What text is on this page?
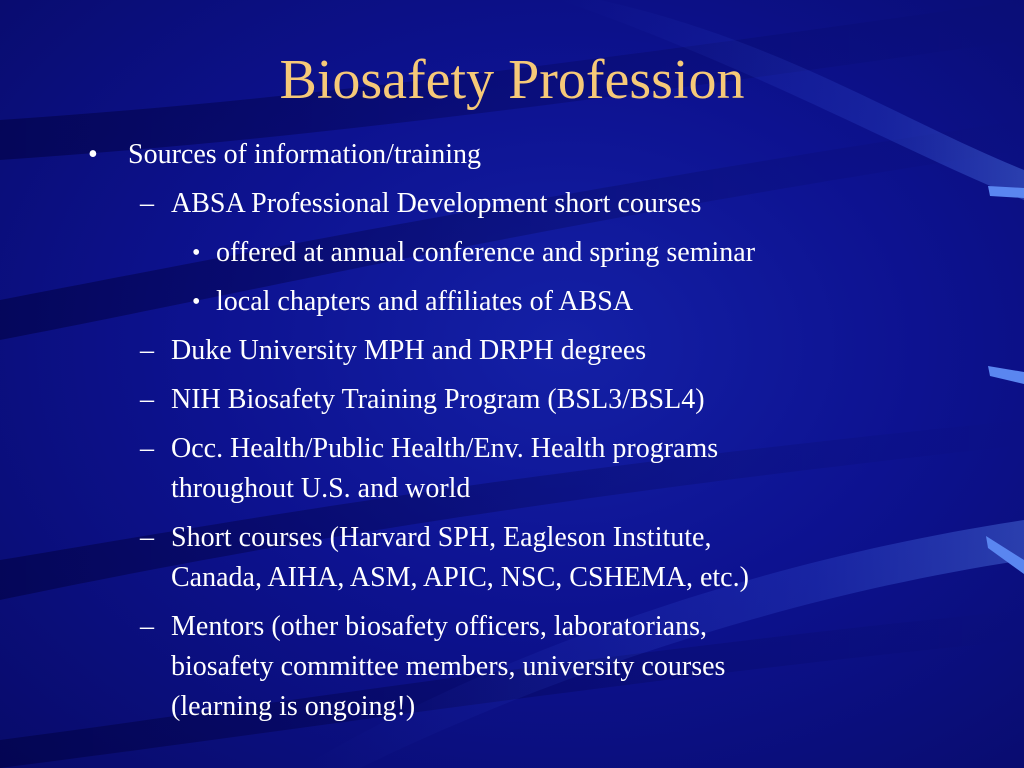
Biosafety Profession
• Sources of information/training
– ABSA Professional Development short courses
• offered at annual conference and spring seminar
• local chapters and affiliates of ABSA
– Duke University MPH and DRPH degrees
– NIH Biosafety Training Program (BSL3/BSL4)
– Occ. Health/Public Health/Env. Health programs
throughout U.S. and world
– Short courses (Harvard SPH, Eagleson Institute,
Canada, AIHA, ASM, APIC, NSC, CSHEMA, etc.)
– Mentors (other biosafety officers, laboratorians,
biosafety committee members, university courses
(learning is ongoing!)
